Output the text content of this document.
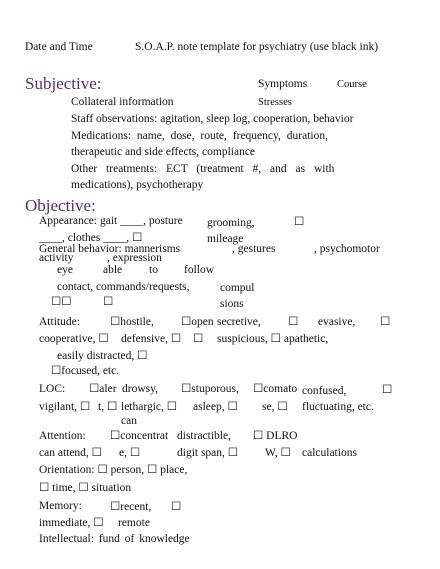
Date and Time	S.O.A.P. note template for psychiatry (use black ink)
Subjective:	Symptoms	Course
Stresses
Collateral information
Staff observations: agitation, sleep log, cooperation, behavior
Medications: name, dose, route, frequency, duration,
therapeutic and side effects, compliance
Other treatments: ECT (treatment #, and as with
medications), psychotherapy
Objective:
Appearance: gait ____, posture grooming,	☐
mileage
____, clothes ____, ☐
General behavior: mannerisms	, gestures	, psychomotor
activity	, expression
eye	able to follow
contact, commands/requests,	compul
sions
☐☐	☐
Attitude:	☐hostile, ☐open secretive, ☐ evasive, ☐
cooperative, ☐ defensive, ☐ ☐ suspicious, ☐ apathetic,
easily distracted, ☐
☐focused, etc.
LOC: ☐aler drowsy, ☐stuporous, ☐comato confused,	☐
vigilant, ☐ t, ☐ lethargic, ☐
can
asleep, ☐ se, ☐ fluctuating, etc.
Attention: ☐concentrat distractible, ☐ DLRO
can attend, ☐ e, ☐	digit span, ☐ W, ☐ calculations
Orientation: ☐ person, ☐ place,
☐ time, ☐ situation
Memory: ☐recent, ☐
immediate, ☐ remote
Intellectual: fund of knowledge
